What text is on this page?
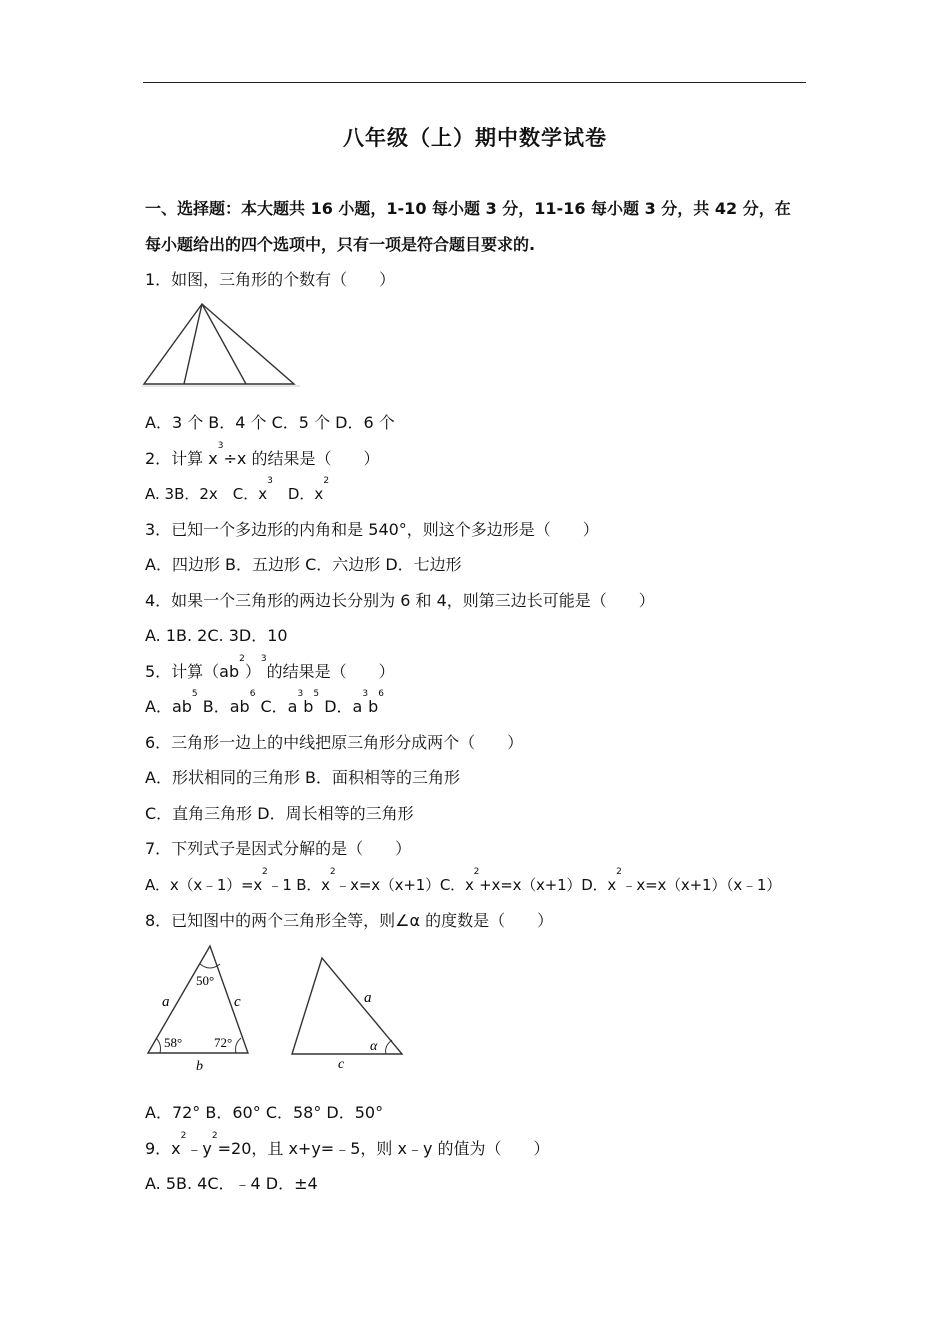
八年级（上）期中数学试卷
一、选择题：本大题共 16 小题，1-10 每小题 3 分，11-16 每小题 3 分，共 42 分，在
每小题给出的四个选项中，只有一项是符合题目要求的.
1．如图，三角形的个数有（　　）
A．3 个 B．4 个 C．5 个 D．6 个
2．计算 $x^3\div x$ 的结果是（　　）
A. 3B．2x　C．$x^3$　D．$x^2$
3．已知一个多边形的内角和是 540°，则这个多边形是（　　）
A．四边形 B．五边形 C．六边形 D．七边形
4．如果一个三角形的两边长分别为 6 和 4，则第三边长可能是（　　）
A. 1B. 2C. 3D．10
5．计算$(ab^2)^3$的结果是（　　）
A．$ab^5$ B．$ab^6$ C．$a^3b^5$ D．$a^3b^6$
6．三角形一边上的中线把原三角形分成两个（　　）
A．形状相同的三角形 B．面积相等的三角形
C．直角三角形 D．周长相等的三角形
7．下列式子是因式分解的是（　　）
A．$x(x﹣1)=x^2﹣1$ B．$x^2﹣x=x(x+1)C$．$x^2+x=x(x+1)D$．$x^2﹣x=x(x+1)(x﹣1)$
8．已知图中的两个三角形全等，则∠α 的度数是（　　）
50°
58° 72°
a	c
b
a
α
c
A．72° B．60° C．58° D．50°
9．$x^2﹣y^2=20$，且 x+y=﹣5，则 x﹣y 的值为（　　）
A. 5B. 4C．﹣4 D．±4
